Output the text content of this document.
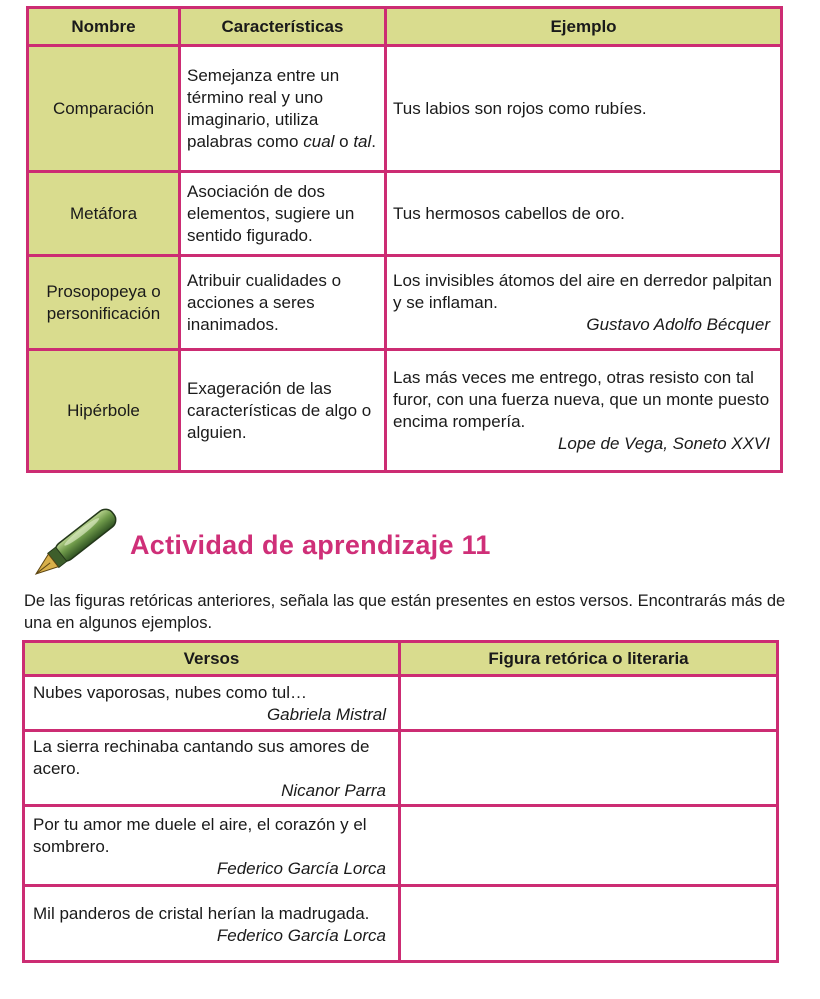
Nombre	Características	Ejemplo
Comparación	Semejanza entre un término real y uno imaginario, utiliza palabras como cual o tal.	Tus labios son rojos como rubíes.
Metáfora	Asociación de dos elementos, sugiere un sentido figurado.	Tus hermosos cabellos de oro.
Prosopopeya o personificación	Atribuir cualidades o acciones a seres inanimados.	Los invisibles átomos del aire en derredor palpitan y se inflaman.
Gustavo Adolfo Bécquer

Hipérbole	Exageración de las características de algo o alguien.	Las más veces me entrego, otras resisto con tal furor, con una fuerza nueva, que un monte puesto encima rompería.
Lope de Vega, Soneto XXVI
Actividad de aprendizaje 11
De las figuras retóricas anteriores, señala las que están presentes en estos versos. Encontrarás más de una en algunos ejemplos.
Versos	Figura retórica o literaria

Nubes vaporosas, nubes como tul…
Gabriela Mistral	

La sierra rechinaba cantando sus amores de acero.
Nicanor Parra	

Por tu amor me duele el aire, el corazón y el sombrero.
Federico García Lorca	

Mil panderos de cristal herían la madrugada.
Federico García Lorca	
